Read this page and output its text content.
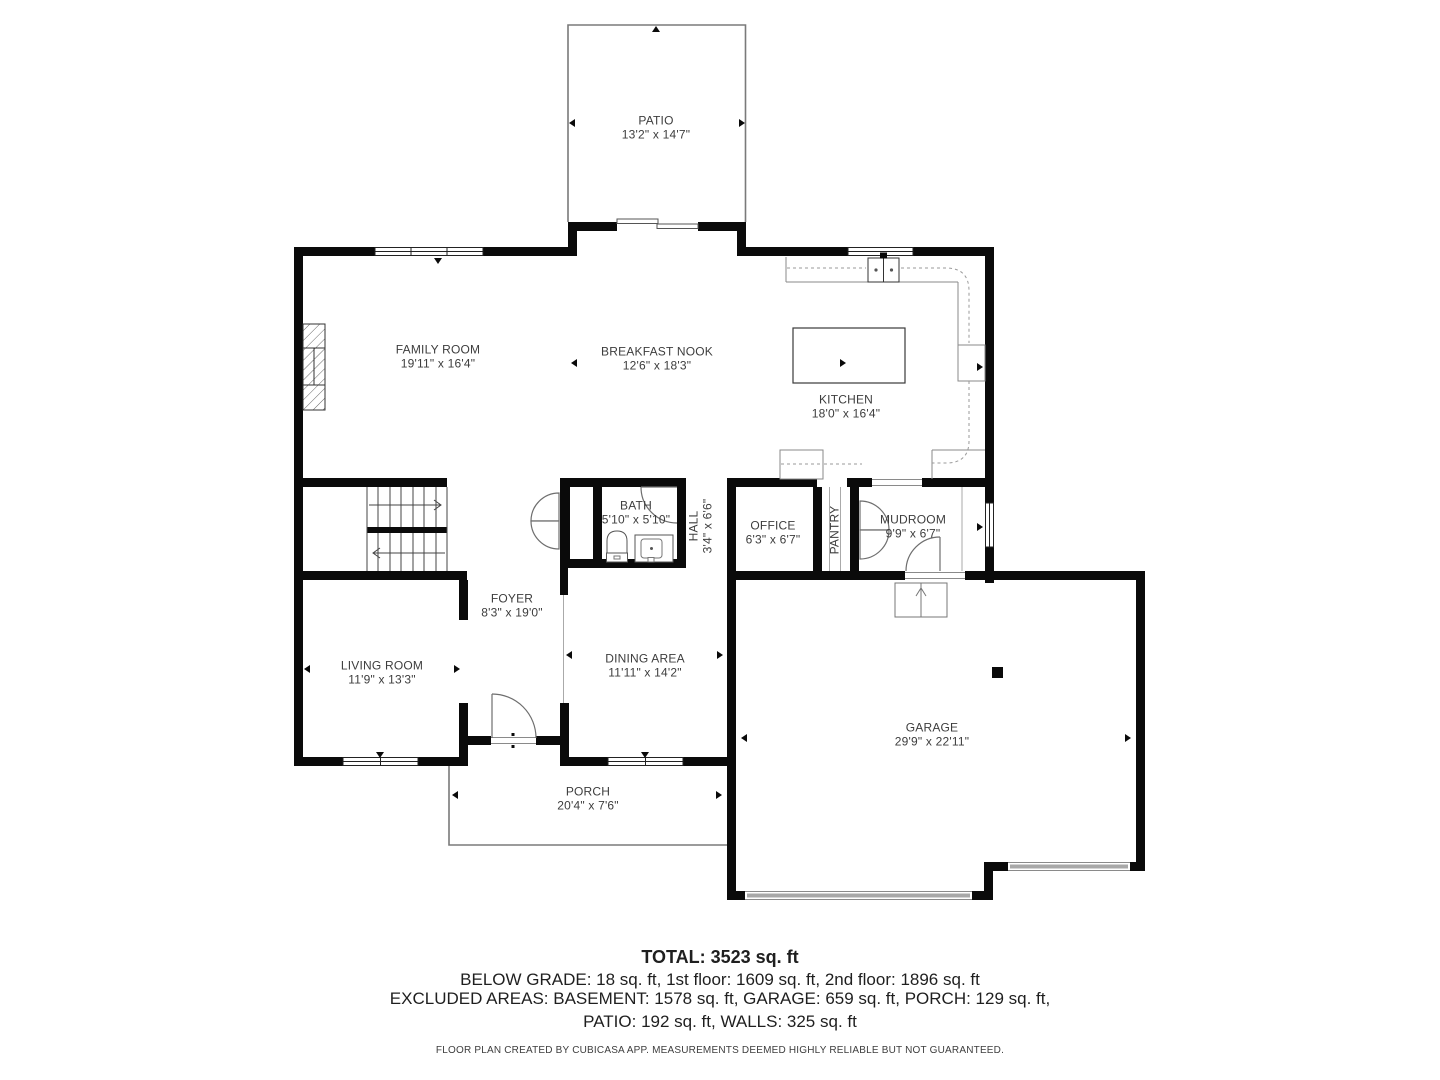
PATIO
13'2" x 14'7"
FAMILY ROOM
19'11" x 16'4"
BREAKFAST NOOK
12'6" x 18'3"
KITCHEN
18'0" x 16'4"
BATH
5'10" x 5'10" HALL 3'4" x 6'6"	OFFICE
6'3" x 6'7" PANTRY	MUDROOM
9'9" x 6'7"
FOYER
8'3" x 19'0"
LIVING ROOM
11'9" x 13'3"
DINING AREA
11'11" x 14'2"
GARAGE
29'9" x 22'11"
PORCH
20'4" x 7'6"
TOTAL: 3523 sq. ft
BELOW GRADE: 18 sq. ft, 1st floor: 1609 sq. ft, 2nd floor: 1896 sq. ft
EXCLUDED AREAS: BASEMENT: 1578 sq. ft, GARAGE: 659 sq. ft, PORCH: 129 sq. ft,
PATIO: 192 sq. ft, WALLS: 325 sq. ft
FLOOR PLAN CREATED BY CUBICASA APP. MEASUREMENTS DEEMED HIGHLY RELIABLE BUT NOT GUARANTEED.
